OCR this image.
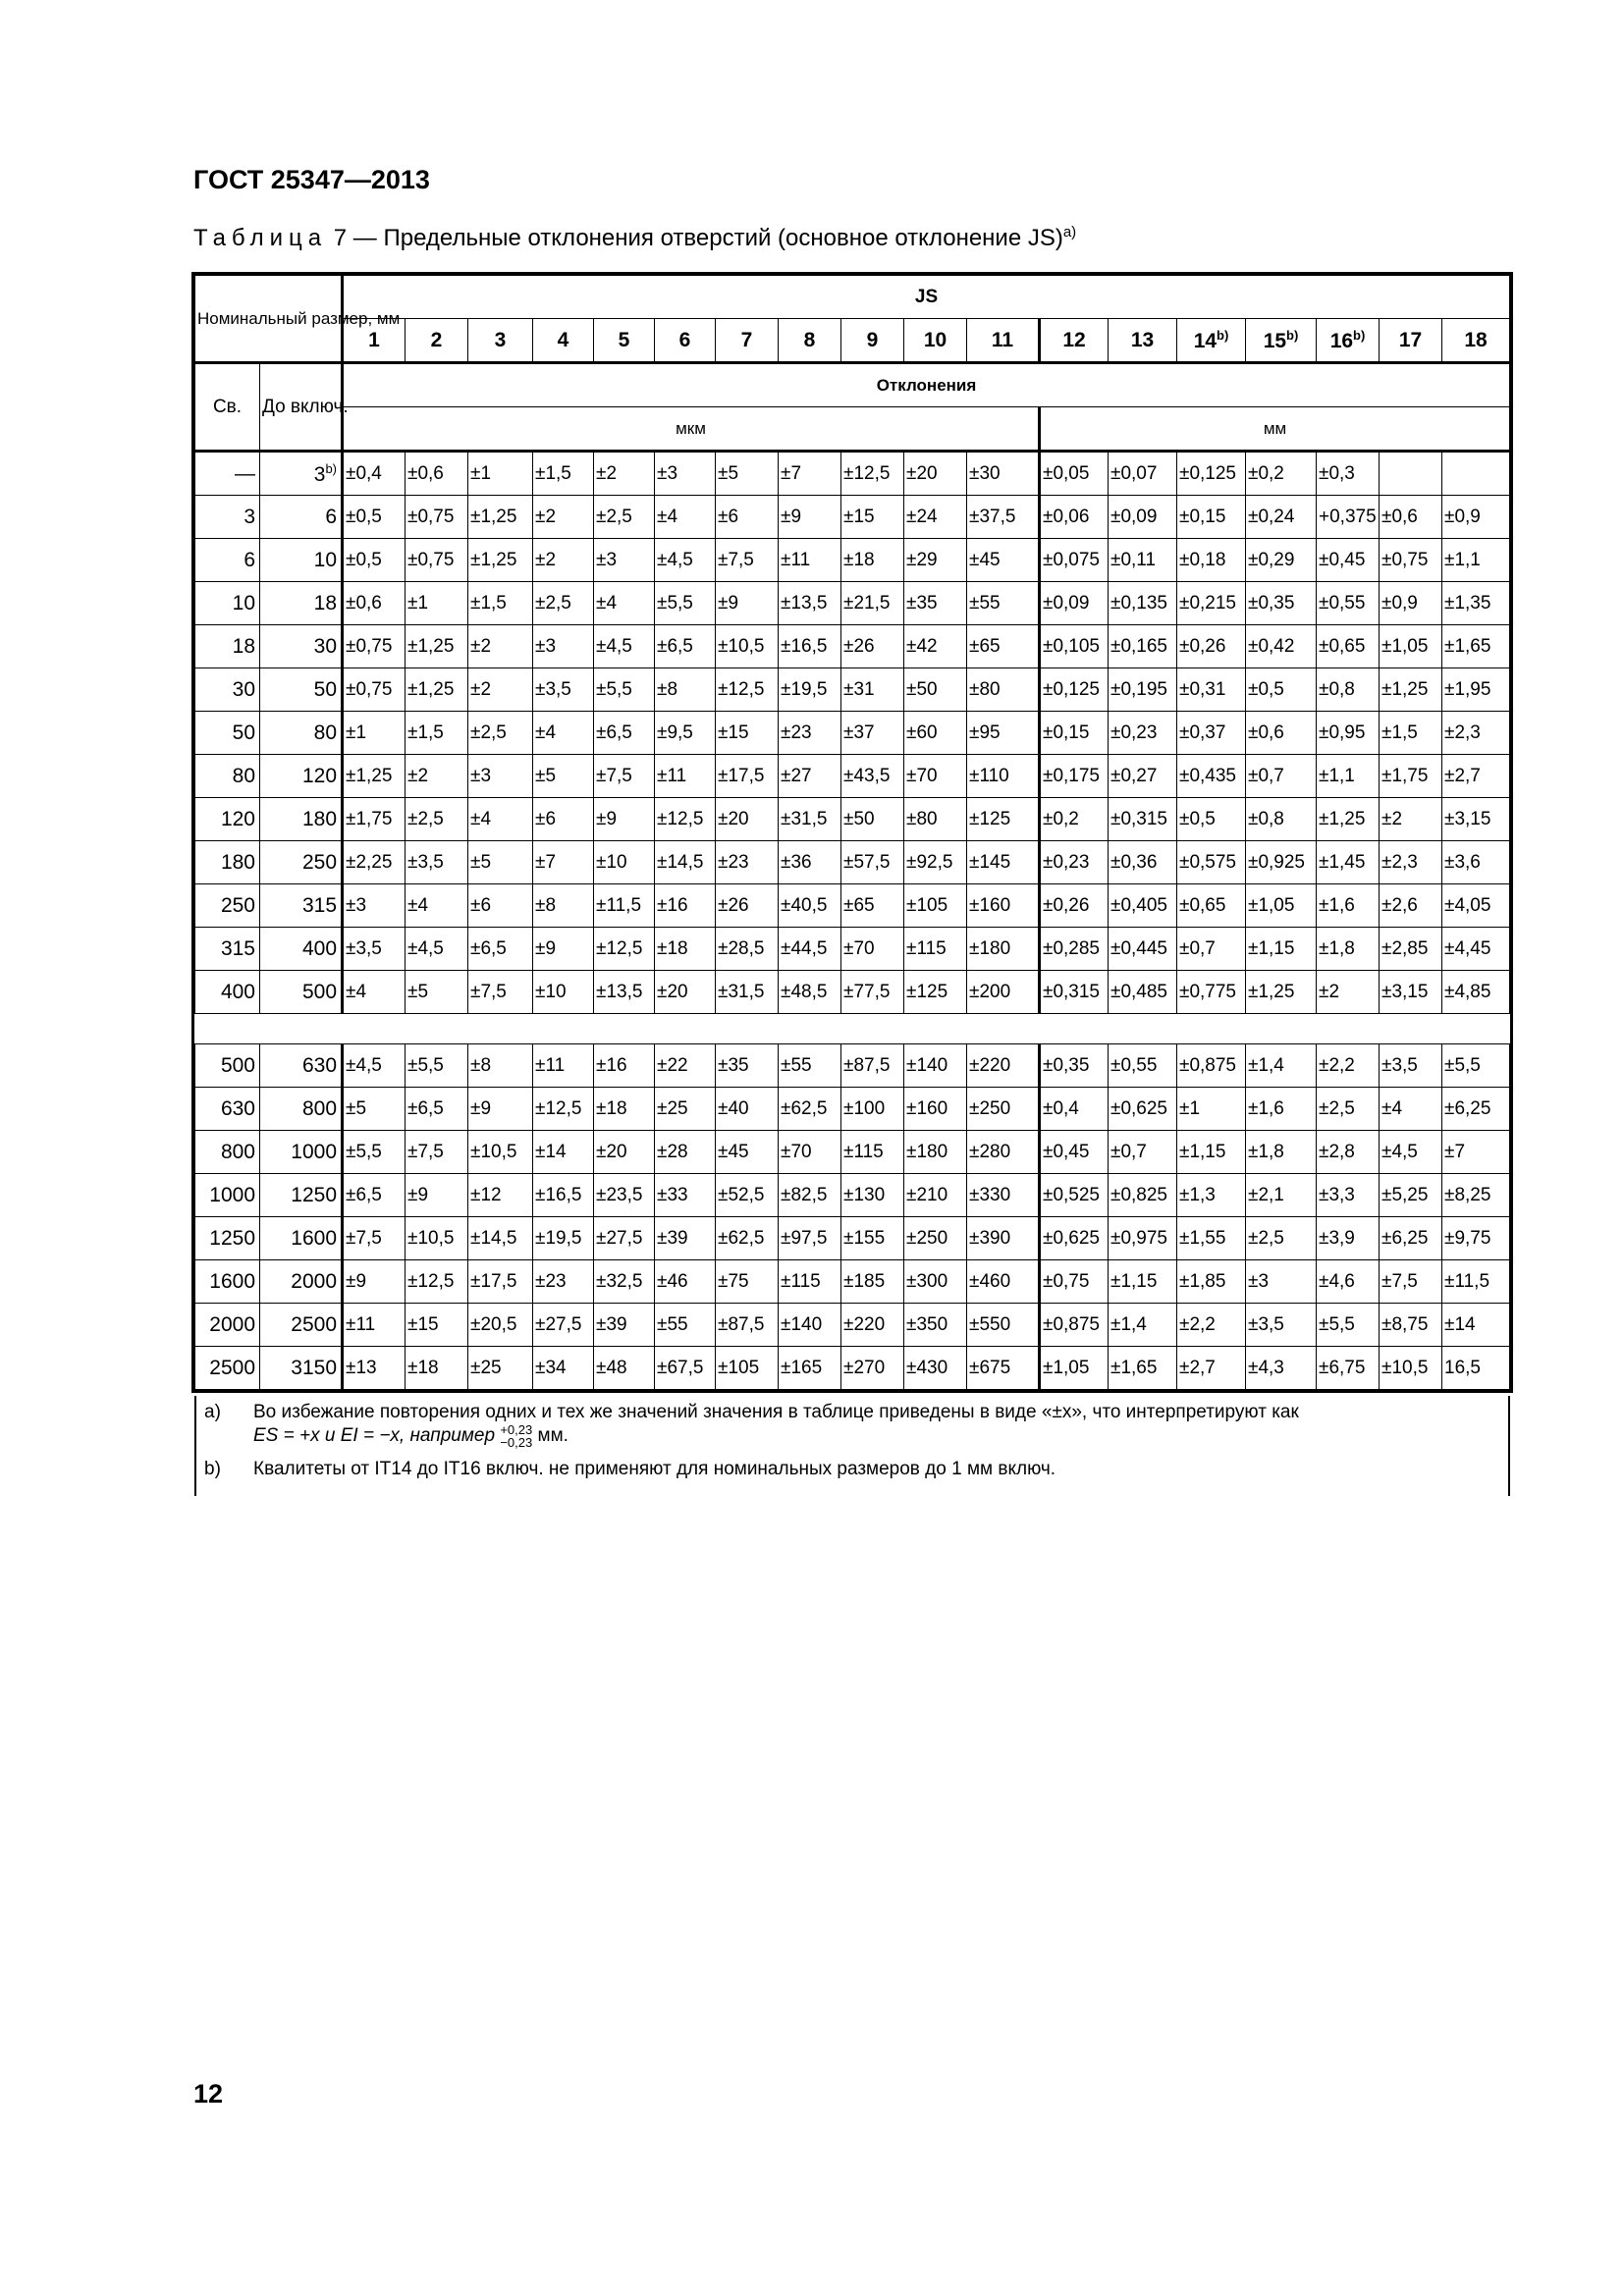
ГОСТ 25347—2013
Таблица 7 — Предельные отклонения отверстий (основное отклонение JS)$^{a)}$
Номинальный размер, мм		JS																	
		1	2	3	4	5	6	7	8	9	10	11	12	13	14$^{b)}$	15$^{b)}$	16$^{b)}$	17	18
Св.	До включ.	Отклонения																	
		мкм											мм						
—	$3^{b)}$	±0,4	±0,6	±1	±1,5	±2	±3	±5	±7	±12,5	±20	±30	±0,05	±0,07	±0,125	±0,2	±0,3		
3	6	±0,5	±0,75	±1,25	±2	±2,5	±4	±6	±9	±15	±24	±37,5	±0,06	±0,09	±0,15	±0,24	+0,375	±0,6	±0,9
6	10	±0,5	±0,75	±1,25	±2	±3	±4,5	±7,5	±11	±18	±29	±45	±0,075	±0,11	±0,18	±0,29	±0,45	±0,75	±1,1
10	18	±0,6	±1	±1,5	±2,5	±4	±5,5	±9	±13,5	±21,5	±35	±55	±0,09	±0,135	±0,215	±0,35	±0,55	±0,9	±1,35
18	30	±0,75	±1,25	±2	±3	±4,5	±6,5	±10,5	±16,5	±26	±42	±65	±0,105	±0,165	±0,26	±0,42	±0,65	±1,05	±1,65
30	50	±0,75	±1,25	±2	±3,5	±5,5	±8	±12,5	±19,5	±31	±50	±80	±0,125	±0,195	±0,31	±0,5	±0,8	±1,25	±1,95
50	80	±1	±1,5	±2,5	±4	±6,5	±9,5	±15	±23	±37	±60	±95	±0,15	±0,23	±0,37	±0,6	±0,95	±1,5	±2,3
80	120	±1,25	±2	±3	±5	±7,5	±11	±17,5	±27	±43,5	±70	±110	±0,175	±0,27	±0,435	±0,7	±1,1	±1,75	±2,7
120	180	±1,75	±2,5	±4	±6	±9	±12,5	±20	±31,5	±50	±80	±125	±0,2	±0,315	±0,5	±0,8	±1,25	±2	±3,15
180	250	±2,25	±3,5	±5	±7	±10	±14,5	±23	±36	±57,5	±92,5	±145	±0,23	±0,36	±0,575	±0,925	±1,45	±2,3	±3,6
250	315	±3	±4	±6	±8	±11,5	±16	±26	±40,5	±65	±105	±160	±0,26	±0,405	±0,65	±1,05	±1,6	±2,6	±4,05
315	400	±3,5	±4,5	±6,5	±9	±12,5	±18	±28,5	±44,5	±70	±115	±180	±0,285	±0,445	±0,7	±1,15	±1,8	±2,85	±4,45
400	500	±4	±5	±7,5	±10	±13,5	±20	±31,5	±48,5	±77,5	±125	±200	±0,315	±0,485	±0,775	±1,25	±2	±3,15	±4,85

500	630	±4,5	±5,5	±8	±11	±16	±22	±35	±55	±87,5	±140	±220	±0,35	±0,55	±0,875	±1,4	±2,2	±3,5	±5,5
630	800	±5	±6,5	±9	±12,5	±18	±25	±40	±62,5	±100	±160	±250	±0,4	±0,625	±1	±1,6	±2,5	±4	±6,25
800	1000	±5,5	±7,5	±10,5	±14	±20	±28	±45	±70	±115	±180	±280	±0,45	±0,7	±1,15	±1,8	±2,8	±4,5	±7
1000	1250	±6,5	±9	±12	±16,5	±23,5	±33	±52,5	±82,5	±130	±210	±330	±0,525	±0,825	±1,3	±2,1	±3,3	±5,25	±8,25
1250	1600	±7,5	±10,5	±14,5	±19,5	±27,5	±39	±62,5	±97,5	±155	±250	±390	±0,625	±0,975	±1,55	±2,5	±3,9	±6,25	±9,75
1600	2000	±9	±12,5	±17,5	±23	±32,5	±46	±75	±115	±185	±300	±460	±0,75	±1,15	±1,85	±3	±4,6	±7,5	±11,5
2000	2500	±11	±15	±20,5	±27,5	±39	±55	±87,5	±140	±220	±350	±550	±0,875	±1,4	±2,2	±3,5	±5,5	±8,75	±14
2500	3150	±13	±18	±25	±34	±48	±67,5	±105	±165	±270	±430	±675	±1,05	±1,65	±2,7	±4,3	±6,75	±10,5	16,5
а)	Во избежание повторения одних и тех же значений значения в таблице приведены в виде «±x», что интерпретируют как
ES = +x и EI = −x, например +0,23
−0,23 мм.
b)	Квалитеты от IT14 до IT16 включ. не применяют для номинальных размеров до 1 мм включ.
12
